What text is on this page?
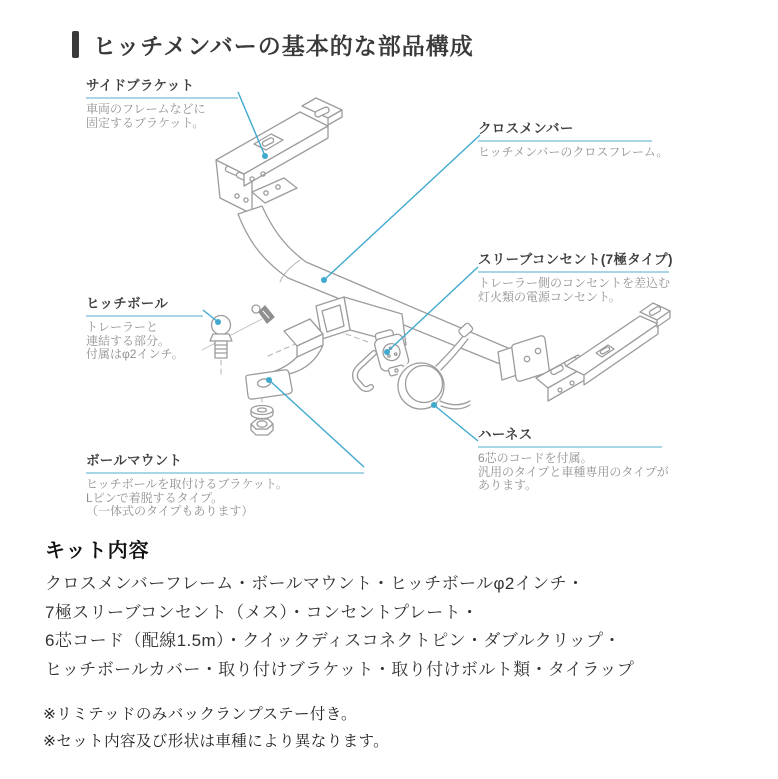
ヒッチメンバーの基本的な部品構成
サイドブラケット
車両のフレームなどに
固定するブラケット。	クロスメンバー
ヒッチメンバーのクロスフレーム。
スリーブコンセント(7極タイプ)
トレーラー側のコンセントを差込む
灯火類の電源コンセント。
ヒッチボール
トレーラーと
連結する部分。
付属はφ2インチ。
ハーネス
6芯のコードを付属。
汎用のタイプと車種専用のタイプが
あります。
ボールマウント
ヒッチボールを取付けるブラケット。
Lピンで着脱するタイプ。
（一体式のタイプもあります）
キット内容
クロスメンバーフレーム・ボールマウント・ヒッチボールφ2インチ・
7極スリーブコンセント（メス）・コンセントプレート・
6芯コード（配線1.5m）・クイックディスコネクトピン・ダブルクリップ・
ヒッチボールカバー・取り付けブラケット・取り付けボルト類・タイラップ
※リミテッドのみバックランプステー付き。
※セット内容及び形状は車種により異なります。
